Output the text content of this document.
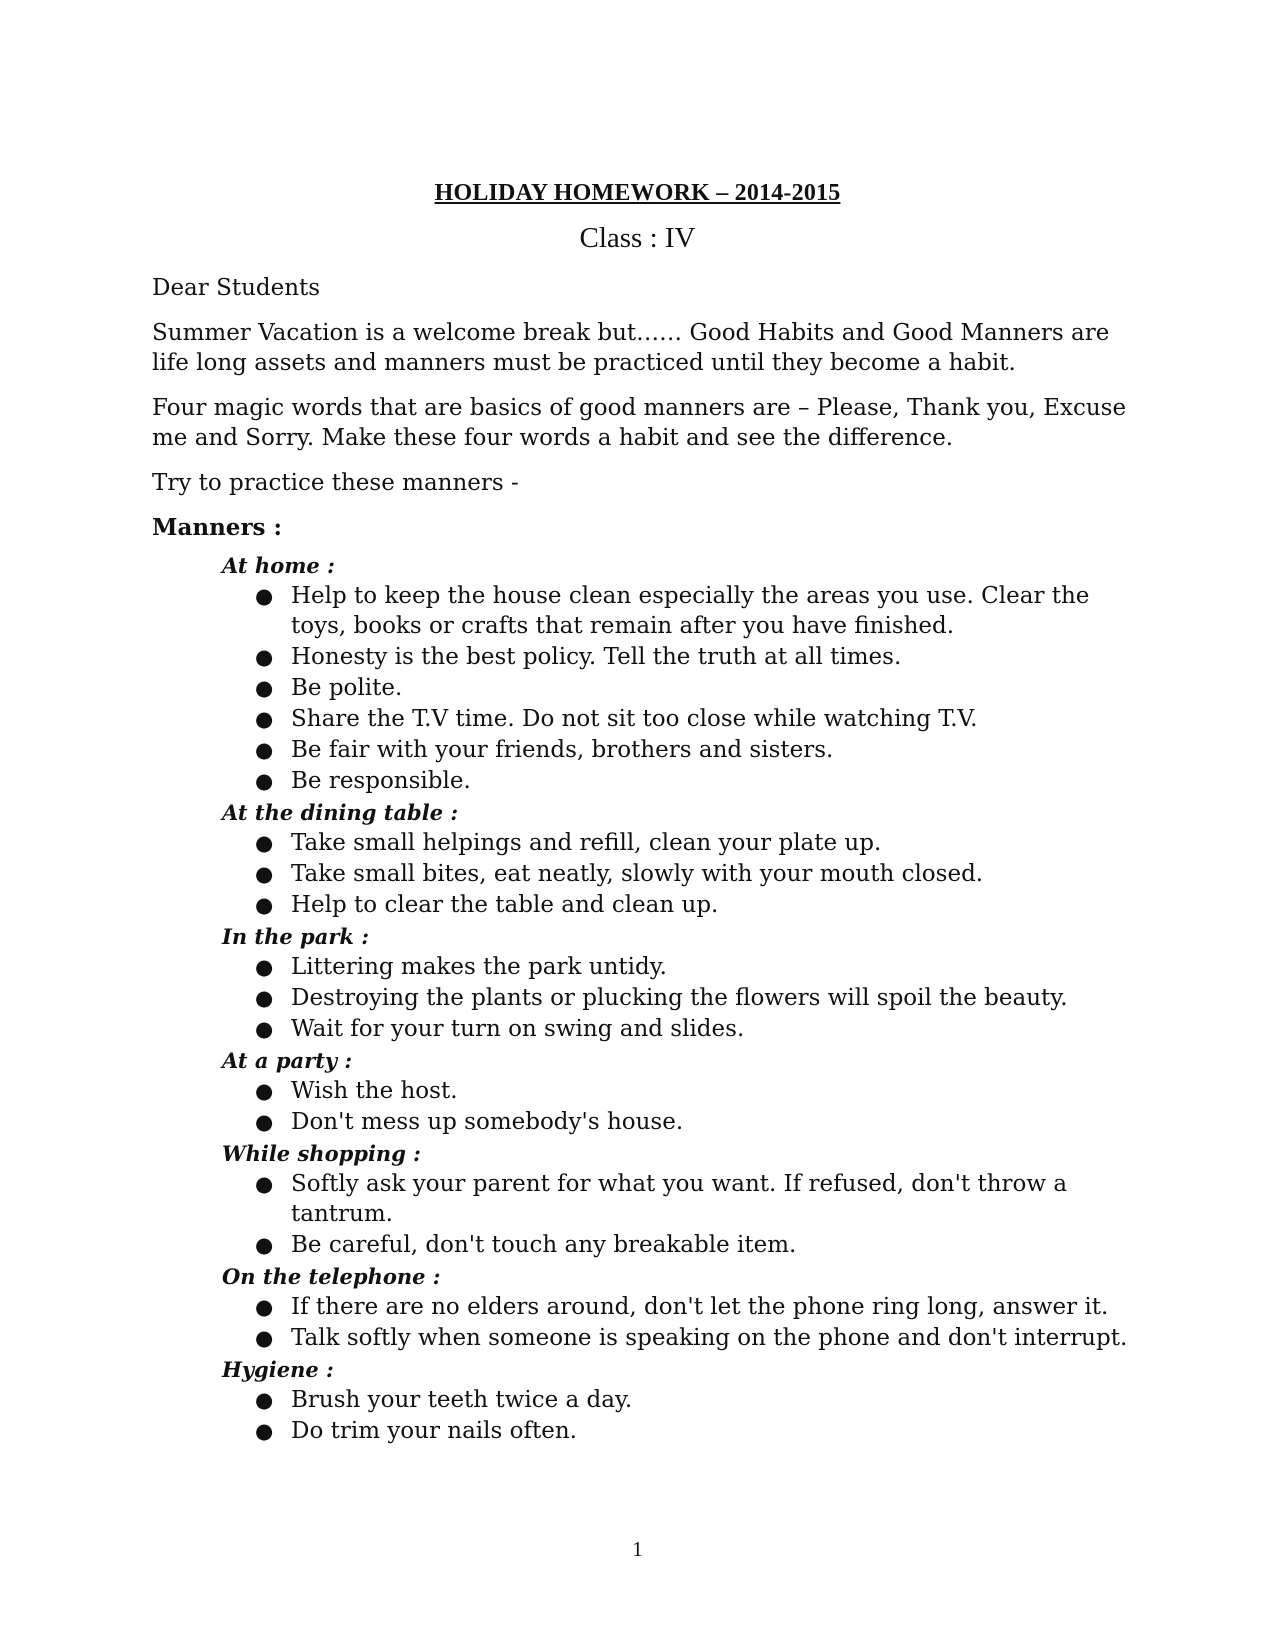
HOLIDAY HOMEWORK – 2014-2015
Class : IV
Dear Students
Summer Vacation is a welcome break but…… Good Habits and Good Manners are life long assets and manners must be practiced until they become a habit.
Four magic words that are basics of good manners are – Please, Thank you, Excuse me and Sorry. Make these four words a habit and see the difference.
Try to practice these manners -
Manners :
At home :
● Help to keep the house clean especially the areas you use. Clear the toys, books or crafts that remain after you have finished.
● Honesty is the best policy. Tell the truth at all times.
● Be polite.
● Share the T.V time. Do not sit too close while watching T.V.
● Be fair with your friends, brothers and sisters.
● Be responsible.
At the dining table :
● Take small helpings and refill, clean your plate up.
● Take small bites, eat neatly, slowly with your mouth closed.
● Help to clear the table and clean up.
In the park :
● Littering makes the park untidy.
● Destroying the plants or plucking the flowers will spoil the beauty.
● Wait for your turn on swing and slides.
At a party :
● Wish the host.
● Don't mess up somebody's house.
While shopping :
● Softly ask your parent for what you want. If refused, don't throw a tantrum.
● Be careful, don't touch any breakable item.
On the telephone :
● If there are no elders around, don't let the phone ring long, answer it.
● Talk softly when someone is speaking on the phone and don't interrupt.
Hygiene :
● Brush your teeth twice a day.
● Do trim your nails often.
1
